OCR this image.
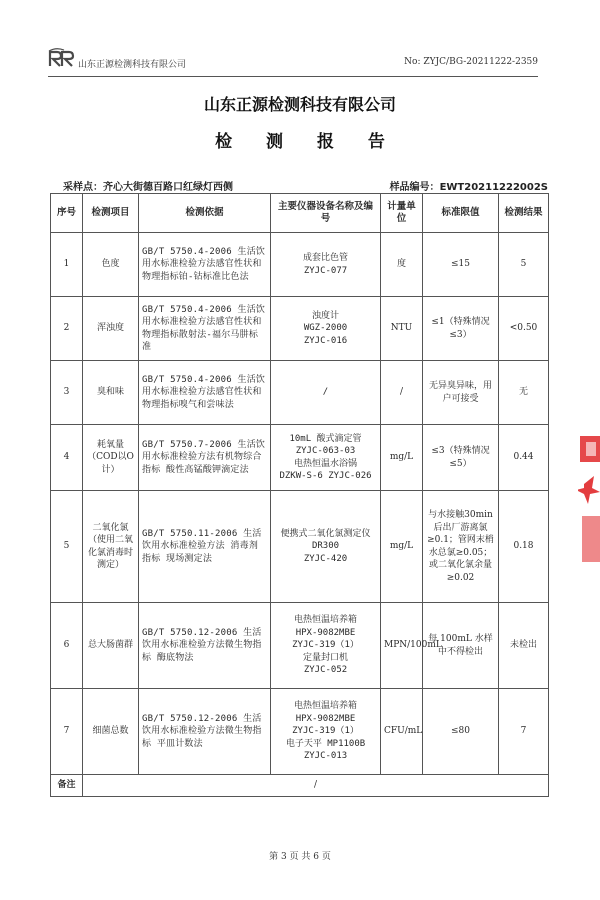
山东正源检测科技有限公司	No: ZYJC/BG-20211222-2359
山东正源检测科技有限公司
检 测 报 告
采样点：齐心大街德百路口红绿灯西侧	样品编号：EWT20211222002S
序号	检测项目	检测依据	主要仪器设备名称及编号	计量单位	标准限值	检测结果
1	色度	GB/T 5750.4-2006 生活饮用水标准检验方法感官性状和物理指标铂-钴标准比色法	成套比色管
ZYJC-077	度	≤15	5
2	浑浊度	GB/T 5750.4-2006 生活饮用水标准检验方法感官性状和物理指标散射法-福尔马肼标准	浊度计
WGZ-2000
ZYJC-016	NTU	≤1（特殊情况≤3）	<0.50
3	臭和味	GB/T 5750.4-2006 生活饮用水标准检验方法感官性状和物理指标嗅气和尝味法	/	/	无异臭异味，用户可接受	无
4	耗氧量（COD以O计）	GB/T 5750.7-2006 生活饮用水标准检验方法有机物综合指标 酸性高锰酸钾滴定法	10mL 酸式滴定管
ZYJC-063-03
电热恒温水浴锅
DZKW-S-6 ZYJC-026	mg/L	≤3（特殊情况≤5）	0.44
5	二氧化氯（使用二氧化氯消毒时测定）	GB/T 5750.11-2006 生活饮用水标准检验方法 消毒剂指标 现场测定法	便携式二氧化氯测定仪 DR300
ZYJC-420	mg/L	与水接触30min后出厂游离氯≥0.1；管网末梢水总氯≥0.05；或二氧化氯余量≥0.02	0.18
6	总大肠菌群	GB/T 5750.12-2006 生活饮用水标准检验方法微生物指标 酶底物法	电热恒温培养箱
HPX-9082MBE
ZYJC-319（1）
定量封口机
ZYJC-052	MPN/100mL	每 100mL 水样中不得检出	未检出
7	细菌总数	GB/T 5750.12-2006 生活饮用水标准检验方法微生物指标 平皿计数法	电热恒温培养箱
HPX-9082MBE
ZYJC-319（1）
电子天平 MP1100B
ZYJC-013	CFU/mL	≤80	7
备注	/					
第 3 页 共 6 页
